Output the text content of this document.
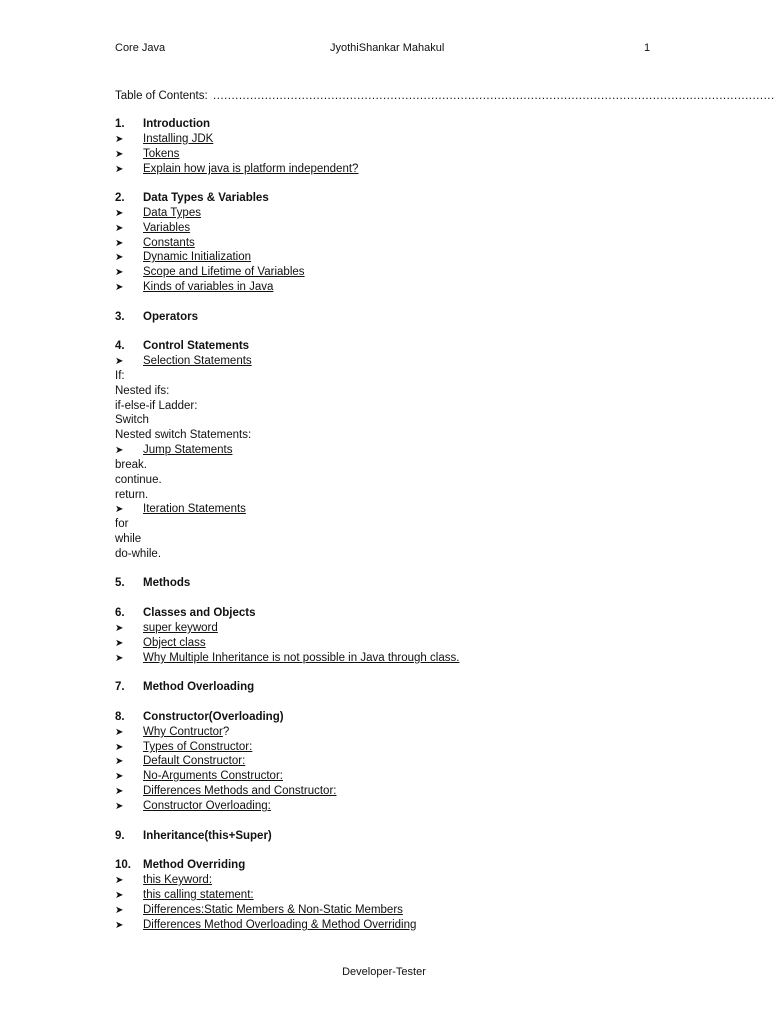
Core Java	JyothiShankar Mahakul	1
Table of Contents: ........................................................................................................................................................
1. Introduction
➤ Installing JDK
➤ Tokens
➤ Explain how java is platform independent?
2. Data Types & Variables
➤ Data Types
➤ Variables
➤ Constants
➤ Dynamic Initialization
➤ Scope and Lifetime of Variables
➤ Kinds of variables in Java
3. Operators
4. Control Statements
➤ Selection Statements
If:
Nested ifs:
if-else-if Ladder:
Switch
Nested switch Statements:
➤ Jump Statements
break.
continue.
return.
➤ Iteration Statements
for
while
do-while.
5. Methods
6. Classes and Objects
➤ super keyword
➤ Object class
➤ Why Multiple Inheritance is not possible in Java through class.
7. Method Overloading
8. Constructor(Overloading)
➤ Why Contructor?
➤ Types of Constructor:
➤ Default Constructor:
➤ No-Arguments Constructor:
➤ Differences Methods and Constructor:
➤ Constructor Overloading:
9. Inheritance(this+Super)
10. Method Overriding
➤ this Keyword:
➤ this calling statement:
➤ Differences:Static Members & Non-Static Members
➤ Differences Method Overloading & Method Overriding
Developer-Tester
